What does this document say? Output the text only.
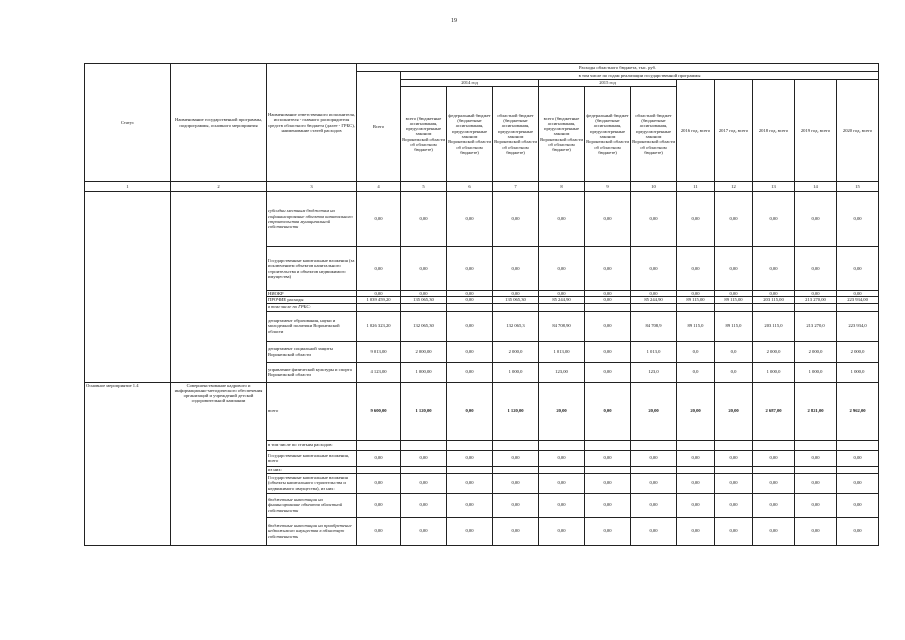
19
Статус	Наименование государственной программы, подпрограммы, основного мероприятия	Наименование ответственного исполнителя, исполнителя - главного распорядителя средств областного бюджета (далее - ГРБС), наименование статей расходов	Расходы областного бюджета, тыс. руб.											
			Всего	в том числе по годам реализации государственной программы										
				2014 год			2015 год			2016 год, всего	2017 год, всего	2018 год, всего	2019 год, всего	2020 год, всего
				всего (бюджетные ассигнования, предусмотренные законом Воронежской области об областном бюджете)	федеральный бюджет (бюджетные ассигнования, предусмотренные законом Воронежской области об областном бюджете)	областной бюджет (бюджетные ассигнования, предусмотренные законом Воронежской области об областном бюджете)	всего (бюджетные ассигнования, предусмотренные законом Воронежской области об областном бюджете)	федеральный бюджет (бюджетные ассигнования, предусмотренные законом Воронежской области об областном бюджете)	областной бюджет (бюджетные ассигнования, предусмотренные законом Воронежской области об областном бюджете)					
1	2	3	4	5	6	7	8	9	10	11	12	13	14	15
		субсидии местным бюджетам на софинансирование объектов капитального строительства муниципальной собственности	0,00	0,00	0,00	0,00	0,00	0,00	0,00	0,00	0,00	0,00	0,00	0,00
		Государственные капитальные вложения (за исключением объектов капитального строительства и объектов недвижимого имущества)	0,00	0,00	0,00	0,00	0,00	0,00	0,00	0,00	0,00	0,00	0,00	0,00
		НИОКР	0,00	0,00	0,00	0,00	0,00	0,00	0,00	0,00	0,00	0,00	0,00	0,00
		ПРОЧИЕ расходы	1 039 459,20	135 065,30	0,00	135 065,30	85 244,90	0,00	85 244,90	89 115,00	89 115,00	203 115,00	213 270,00	223 934,00
		в том числе по ГРБС:												
		департамент образования, науки и молодежной политики Воронежской области	1 026 323,20	132 065,30	0,00	132 065,3	84 708,90	0,00	84 708,9	89 115,0	89 115,0	203 115,0	213 270,0	223 934,0
		департамент социальной защиты Воронежской области	9 013,00	2 000,00	0,00	2 000,0	1 013,00	0,00	1 013,0	0,0	0,0	2 000,0	2 000,0	2 000,0
		управление физической культуры и спорта Воронежской области	4 123,00	1 000,00	0,00	1 000,0	123,00	0,00	123,0	0,0	0,0	1 000,0	1 000,0	1 000,0
Основное мероприятие 1.4	Совершенствование кадрового и информационно-методического обеспечения организаций и учреждений детской оздоровительной кампании	всего	9 600,00	1 120,00	0,00	1 120,00	20,00	0,00	20,00	20,00	20,00	2 687,00	2 821,00	2 962,00
		в том числе по статьям расходов:												
		Государственные капитальные вложения, всего	0,00	0,00	0,00	0,00	0,00	0,00	0,00	0,00	0,00	0,00	0,00	0,00
		из них:												
		Государственные капитальные вложения (объекты капитального строительства и недвижимого имущества), из них:	0,00	0,00	0,00	0,00	0,00	0,00	0,00	0,00	0,00	0,00	0,00	0,00
		бюджетные инвестиции на финансирование объектов областной собственности	0,00	0,00	0,00	0,00	0,00	0,00	0,00	0,00	0,00	0,00	0,00	0,00
		бюджетные инвестиции на приобретение недвижимого имущества в областную собственность	0,00	0,00	0,00	0,00	0,00	0,00	0,00	0,00	0,00	0,00	0,00	0,00
